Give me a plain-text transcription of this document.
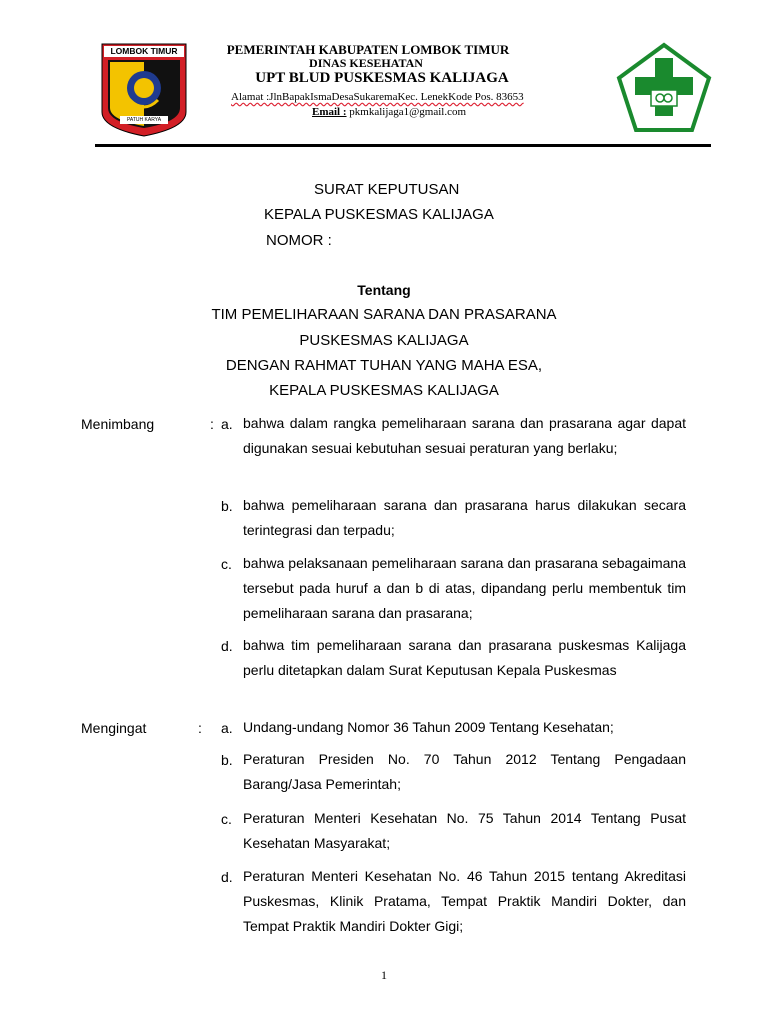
LOMBOK TIMUR
PATUH KARYA
PEMERINTAH KABUPATEN LOMBOK TIMUR
DINAS KESEHATAN
UPT BLUD PUSKESMAS KALIJAGA
Alamat :JlnBapakIsmaDesaSukaremaKec. LenekKode Pos. 83653
Email : pkmkalijaga1@gmail.com
SURAT KEPUTUSAN
KEPALA PUSKESMAS KALIJAGA
NOMOR :
Tentang
TIM PEMELIHARAAN SARANA DAN PRASARANA
PUSKESMAS KALIJAGA
DENGAN RAHMAT TUHAN YANG MAHA ESA,
KEPALA PUSKESMAS KALIJAGA
Menimbang	: a. bahwa dalam rangka pemeliharaan sarana dan prasarana agar dapat digunakan sesuai kebutuhan sesuai peraturan yang berlaku;
b. bahwa pemeliharaan sarana dan prasarana harus dilakukan secara terintegrasi dan terpadu;
c. bahwa pelaksanaan pemeliharaan sarana dan prasarana sebagaimana tersebut pada huruf a dan b di atas, dipandang perlu membentuk tim pemeliharaan sarana dan prasarana;
d. bahwa tim pemeliharaan sarana dan prasarana puskesmas Kalijaga perlu ditetapkan dalam Surat Keputusan Kepala Puskesmas
Mengingat	: a. Undang-undang Nomor 36 Tahun 2009 Tentang Kesehatan;
b. Peraturan Presiden No. 70 Tahun 2012 Tentang Pengadaan Barang/Jasa Pemerintah;
c. Peraturan Menteri Kesehatan No. 75 Tahun 2014 Tentang Pusat Kesehatan Masyarakat;
d. Peraturan Menteri Kesehatan No. 46 Tahun 2015 tentang Akreditasi Puskesmas, Klinik Pratama, Tempat Praktik Mandiri Dokter, dan Tempat Praktik Mandiri Dokter Gigi;
1
